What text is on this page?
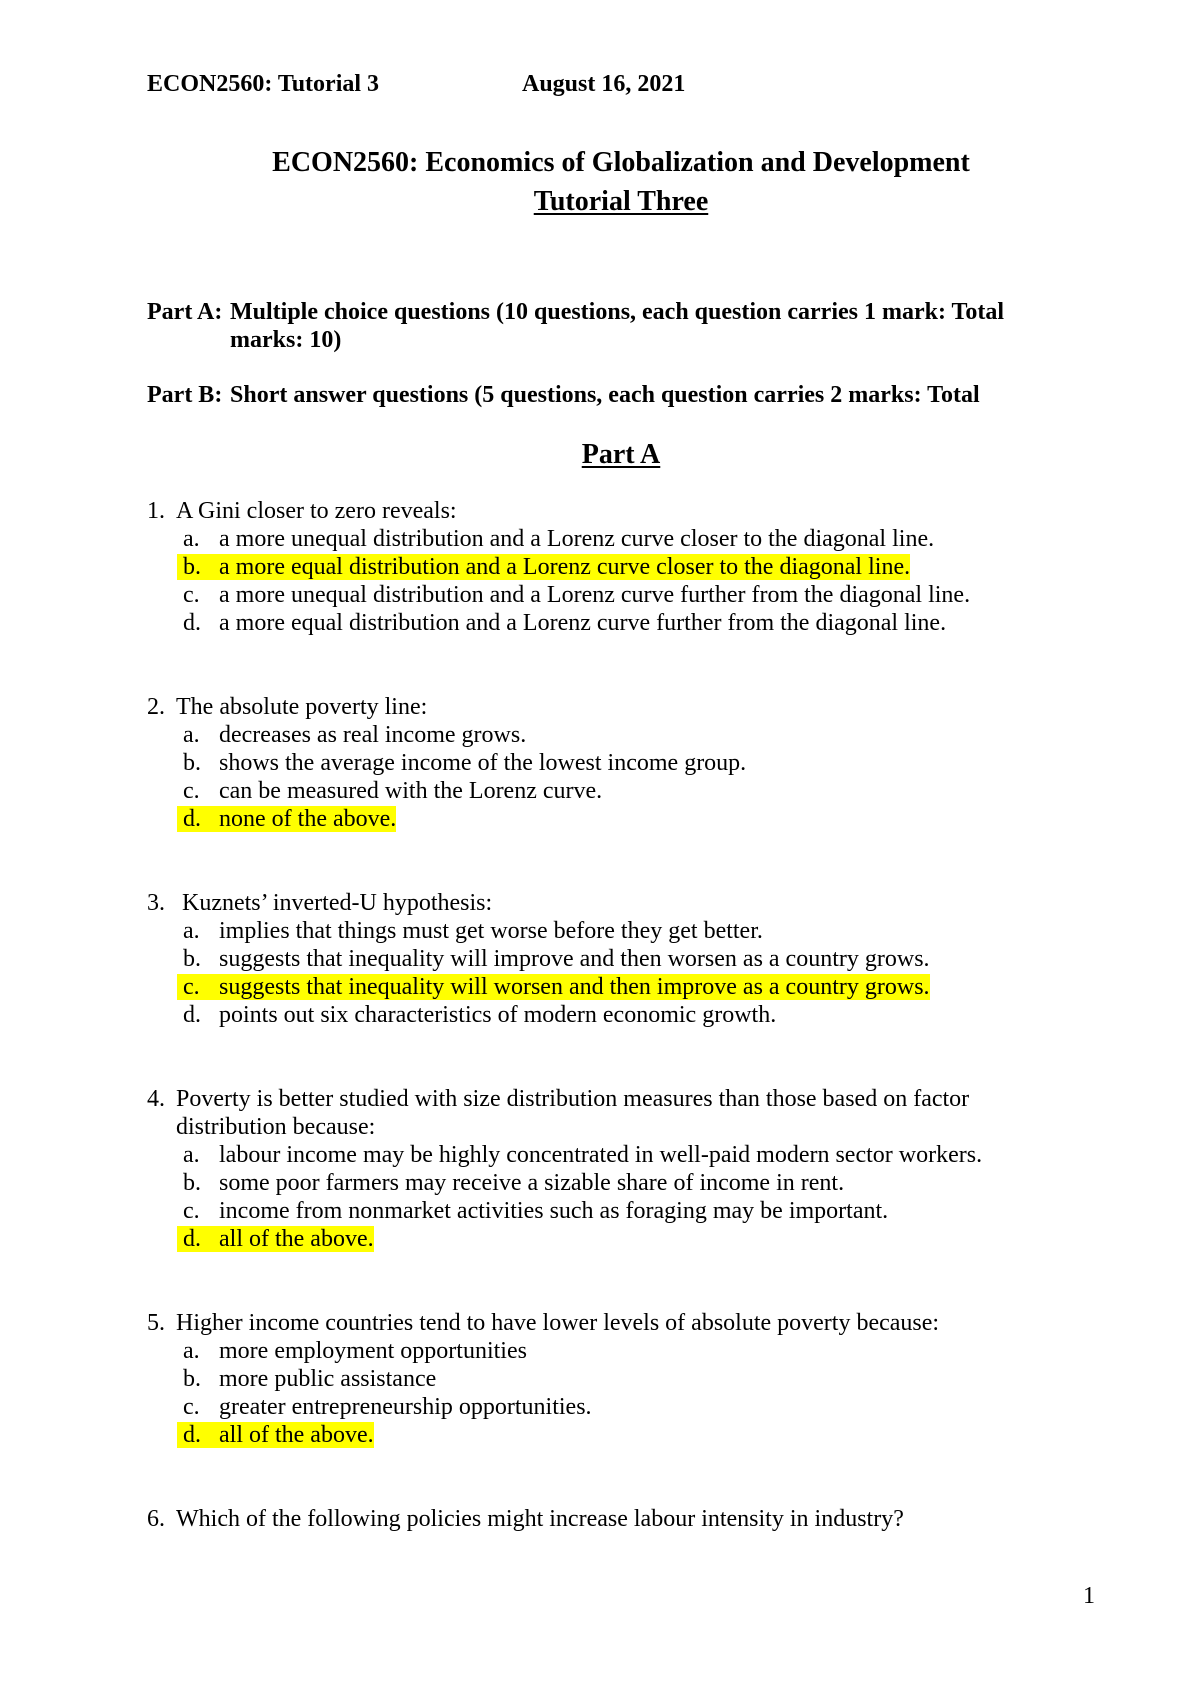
ECON2560: Tutorial 3	August 16, 2021
ECON2560: Economics of Globalization and Development
Tutorial Three
Part A: Multiple choice questions (10 questions, each question carries 1 mark: Total
marks: 10)
Part B: Short answer questions (5 questions, each question carries 2 marks: Total
Part A
1. A Gini closer to zero reveals:
a. a more unequal distribution and a Lorenz curve closer to the diagonal line.
b. a more equal distribution and a Lorenz curve closer to the diagonal line.
c. a more unequal distribution and a Lorenz curve further from the diagonal line.
d. a more equal distribution and a Lorenz curve further from the diagonal line.
2. The absolute poverty line:
a. decreases as real income grows.
b. shows the average income of the lowest income group.
c. can be measured with the Lorenz curve.
d. none of the above.
3. Kuznets’ inverted-U hypothesis:
a. implies that things must get worse before they get better.
b. suggests that inequality will improve and then worsen as a country grows.
c. suggests that inequality will worsen and then improve as a country grows.
d. points out six characteristics of modern economic growth.
4. Poverty is better studied with size distribution measures than those based on factor
distribution because:
a. labour income may be highly concentrated in well-paid modern sector workers.
b. some poor farmers may receive a sizable share of income in rent.
c. income from nonmarket activities such as foraging may be important.
d. all of the above.
5. Higher income countries tend to have lower levels of absolute poverty because:
a. more employment opportunities
b. more public assistance
c. greater entrepreneurship opportunities.
d. all of the above.
6. Which of the following policies might increase labour intensity in industry?
1
